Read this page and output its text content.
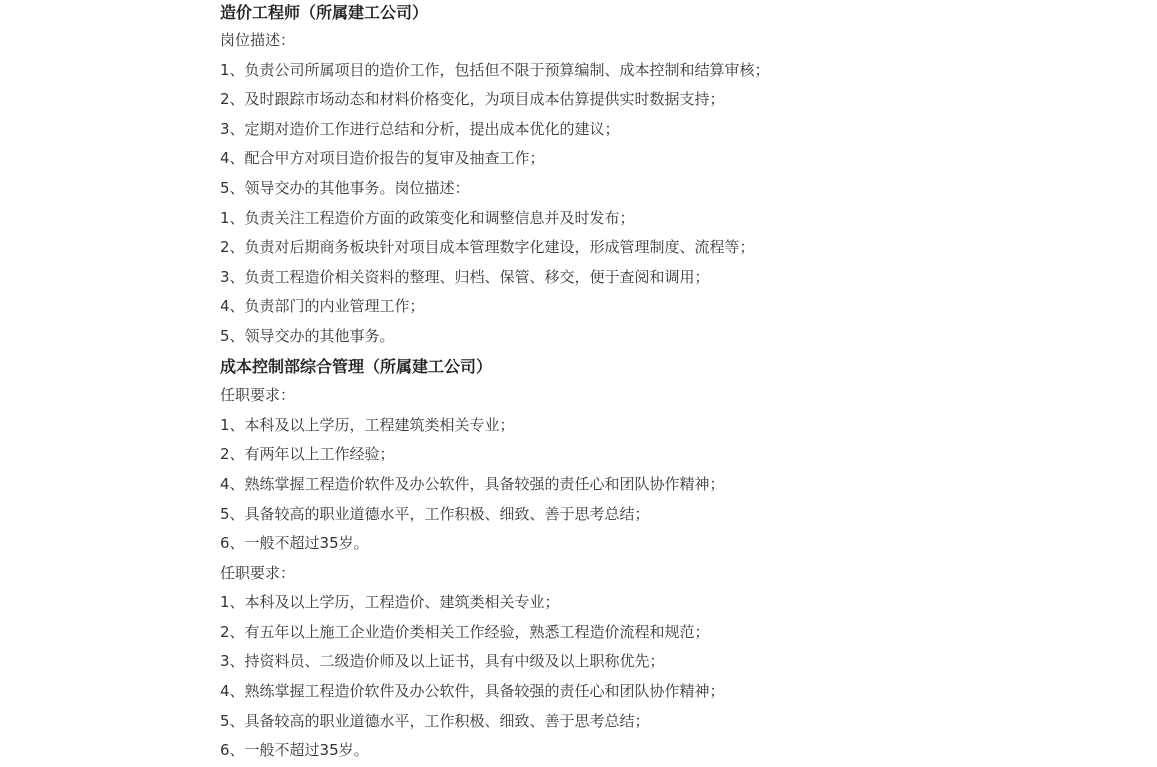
造价工程师（所属建工公司）
岗位描述：
1、负责公司所属项目的造价工作，包括但不限于预算编制、成本控制和结算审核；
2、及时跟踪市场动态和材料价格变化，为项目成本估算提供实时数据支持；
3、定期对造价工作进行总结和分析，提出成本优化的建议；
4、配合甲方对项目造价报告的复审及抽查工作；
5、领导交办的其他事务。岗位描述：
1、负责关注工程造价方面的政策变化和调整信息并及时发布；
2、负责对后期商务板块针对项目成本管理数字化建设，形成管理制度、流程等；
3、负责工程造价相关资料的整理、归档、保管、移交，便于查阅和调用；
4、负责部门的内业管理工作；
5、领导交办的其他事务。
成本控制部综合管理（所属建工公司）
任职要求：
1、本科及以上学历，工程建筑类相关专业；
2、有两年以上工作经验；
4、熟练掌握工程造价软件及办公软件，具备较强的责任心和团队协作精神；
5、具备较高的职业道德水平，工作积极、细致、善于思考总结；
6、一般不超过35岁。
任职要求：
1、本科及以上学历，工程造价、建筑类相关专业；
2、有五年以上施工企业造价类相关工作经验，熟悉工程造价流程和规范；
3、持资料员、二级造价师及以上证书，具有中级及以上职称优先；
4、熟练掌握工程造价软件及办公软件，具备较强的责任心和团队协作精神；
5、具备较高的职业道德水平，工作积极、细致、善于思考总结；
6、一般不超过35岁。
